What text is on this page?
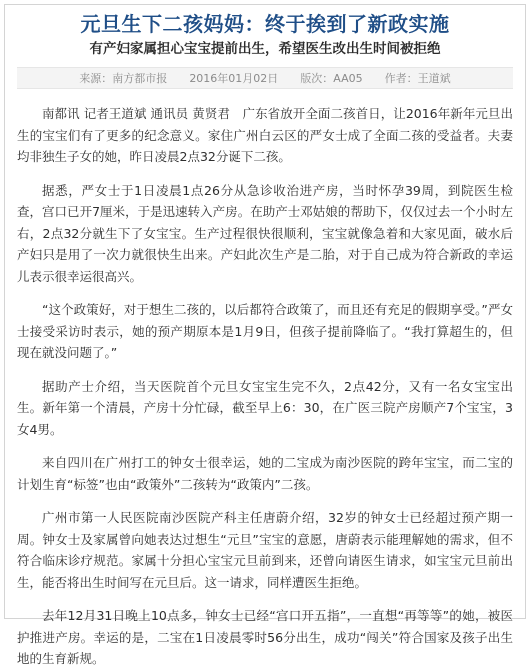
元旦生下二孩妈妈：终于挨到了新政实施
有产妇家属担心宝宝提前出生，希望医生改出生时间被拒绝
来源：南方都市报 2016年01月02日 版次：AA05 作者：王道斌

南都讯 记者王道斌 通讯员 黄贤君　广东省放开全面二孩首日，让2016年新年元旦出生的宝宝们有了更多的纪念意义。家住广州白云区的严女士成了全面二孩的受益者。夫妻均非独生子女的她，昨日凌晨2点32分诞下二孩。

据悉，严女士于1日凌晨1点26分从急诊收治进产房，当时怀孕39周，到院医生检查，宫口已开7厘米，于是迅速转入产房。在助产士邓姑娘的帮助下，仅仅过去一个小时左右，2点32分就生下了女宝宝。生产过程很快很顺利，宝宝就像急着和大家见面，破水后产妇只是用了一次力就很快生出来。产妇此次生产是二胎，对于自己成为符合新政的幸运儿表示很幸运很高兴。

“这个政策好，对于想生二孩的，以后都符合政策了，而且还有充足的假期享受。”严女士接受采访时表示，她的预产期原本是1月9日，但孩子提前降临了。“我打算超生的，但现在就没问题了。”

据助产士介绍，当天医院首个元旦女宝宝生完不久，2点42分，又有一名女宝宝出生。新年第一个清晨，产房十分忙碌，截至早上6：30，在广医三院产房顺产7个宝宝，3女4男。

来自四川在广州打工的钟女士很幸运，她的二宝成为南沙医院的跨年宝宝，而二宝的计划生育“标签”也由“政策外”二孩转为“政策内”二孩。

广州市第一人民医院南沙医院产科主任唐蔚介绍，32岁的钟女士已经超过预产期一周。钟女士及家属曾向她表达过想生“元旦”宝宝的意愿，唐蔚表示能理解她的需求，但不符合临床诊疗规范。家属十分担心宝宝元旦前到来，还曾向请医生请求，如宝宝元旦前出生，能否将出生时间写在元旦后。这一请求，同样遭医生拒绝。

去年12月31日晚上10点多，钟女士已经“宫口开五指”，一直想“再等等”的她，被医护推进产房。幸运的是，二宝在1日凌晨零时56分出生，成功“闯关”符合国家及孩子出生地的生育新规。
